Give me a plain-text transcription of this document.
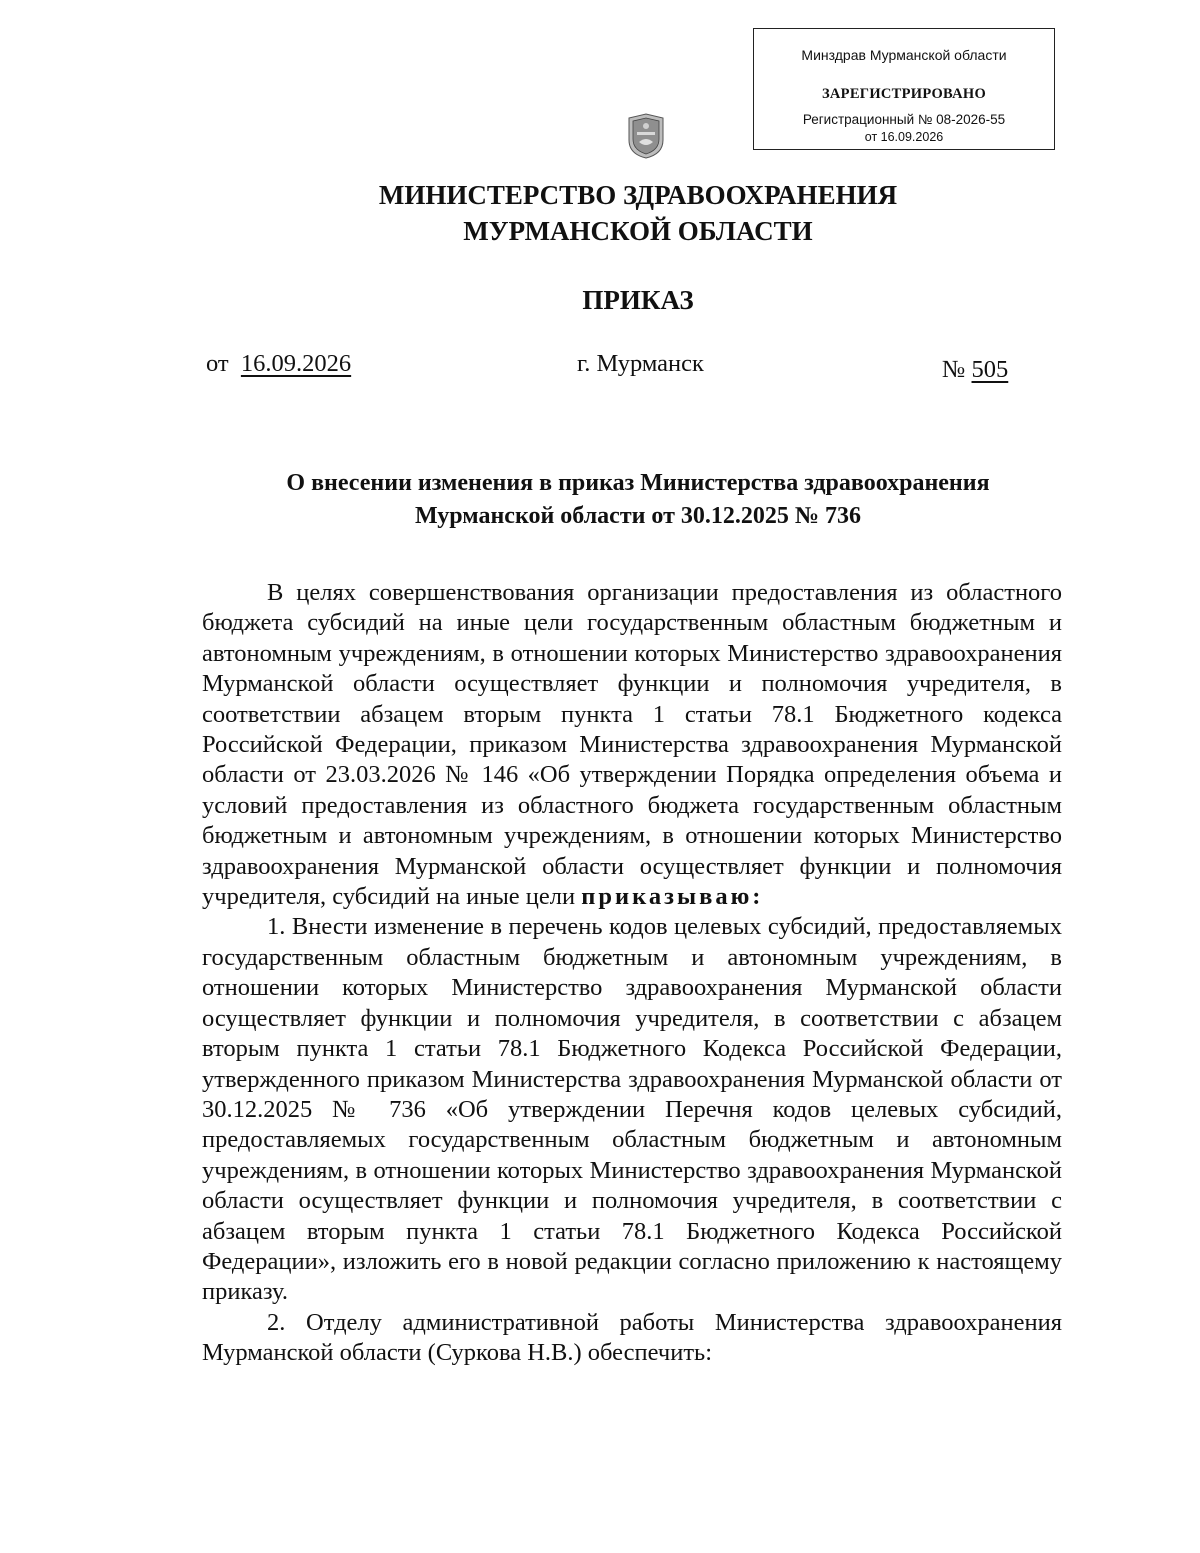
Минздрав Мурманской области
ЗАРЕГИСТРИРОВАНО
Регистрационный № 08-2026-55
от 16.09.2026
МИНИСТЕРСТВО ЗДРАВООХРАНЕНИЯ
МУРМАНСКОЙ ОБЛАСТИ
ПРИКАЗ
от 16.09.2026	г. Мурманск	№ 505
О внесении изменения в приказ Министерства здравоохранения
Мурманской области от 30.12.2025 № 736

В целях совершенствования организации предоставления из областного бюджета субсидий на иные цели государственным областным бюджетным и автономным учреждениям, в отношении которых Министерство здравоохранения Мурманской области осуществляет функции и полномочия учредителя, в соответствии абзацем вторым пункта 1 статьи 78.1 Бюджетного кодекса Российской Федерации, приказом Министерства здравоохранения Мурманской области от 23.03.2026 № 146 «Об утверждении Порядка определения объема и условий предоставления из областного бюджета государственным областным бюджетным и автономным учреждениям, в отношении которых Министерство здравоохранения Мурманской области осуществляет функции и полномочия учредителя, субсидий на иные цели приказываю:

1. Внести изменение в перечень кодов целевых субсидий, предоставляемых государственным областным бюджетным и автономным учреждениям, в отношении которых Министерство здравоохранения Мурманской области осуществляет функции и полномочия учредителя, в соответствии с абзацем вторым пункта 1 статьи 78.1 Бюджетного Кодекса Российской Федерации, утвержденного приказом Министерства здравоохранения Мурманской области от 30.12.2025 № 736 «Об утверждении Перечня кодов целевых субсидий, предоставляемых государственным областным бюджетным и автономным учреждениям, в отношении которых Министерство здравоохранения Мурманской области осуществляет функции и полномочия учредителя, в соответствии с абзацем вторым пункта 1 статьи 78.1 Бюджетного Кодекса Российской Федерации», изложить его в новой редакции согласно приложению к настоящему приказу.

2. Отделу административной работы Министерства здравоохранения Мурманской области (Суркова Н.В.) обеспечить:
